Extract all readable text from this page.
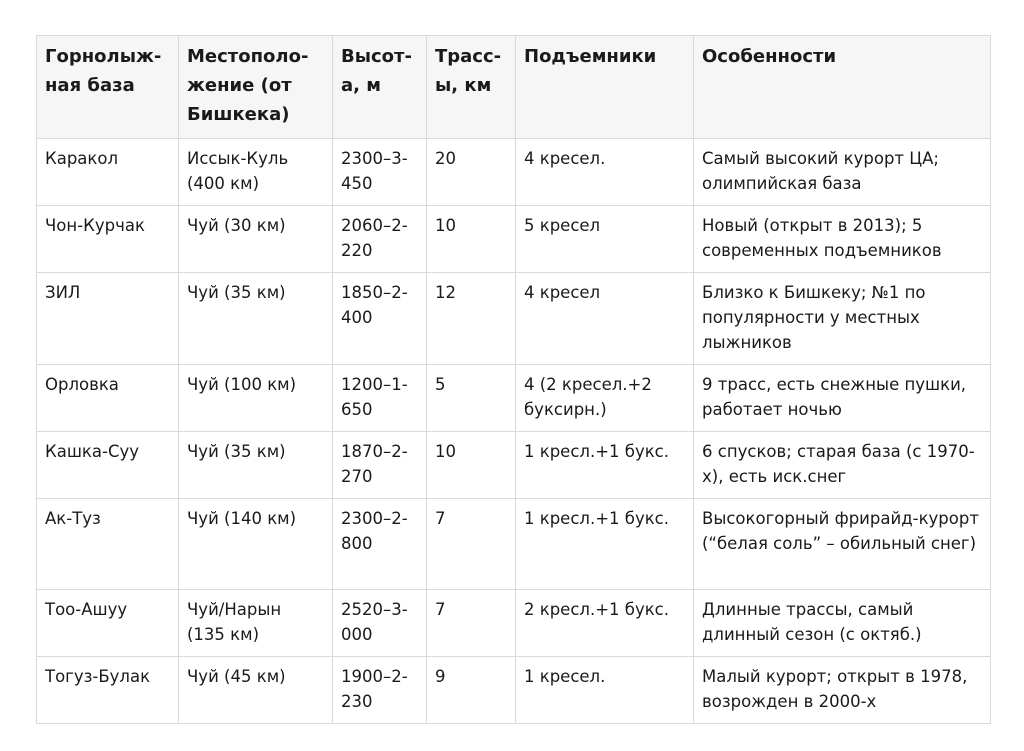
Горнолыж-ная база	Местополо-жение (от Бишкека)	Высот-а, м	Трасс-ы, км	Подъемники	Особенности
Каракол	Иссык-Куль (400 км)	2300–3-450	20	4 кресел.	Самый высокий курорт ЦА; олимпийская база
Чон-Курчак	Чуй (30 км)	2060–2-220	10	5 кресел	Новый (открыт в 2013); 5 современных подъемников
ЗИЛ	Чуй (35 км)	1850–2-400	12	4 кресел	Близко к Бишкеку; №1 по популярности у местных лыжников
Орловка	Чуй (100 км)	1200–1-650	5	4 (2 кресел.+2 буксирн.)	9 трасс, есть снежные пушки, работает ночью
Кашка-Суу	Чуй (35 км)	1870–2-270	10	1 кресл.+1 букс.	6 спусков; старая база (с 1970-х), есть иск.снег
Ак-Туз	Чуй (140 км)	2300–2-800	7	1 кресл.+1 букс.	Высокогорный фрирайд-курорт (“белая соль” – обильный снег)
Тоо-Ашуу	Чуй/Нарын (135 км)	2520–3-000	7	2 кресл.+1 букс.	Длинные трассы, самый длинный сезон (с октяб.)
Тогуз-Булак	Чуй (45 км)	1900–2-230	9	1 кресел.	Малый курорт; открыт в 1978, возрожден в 2000-х
